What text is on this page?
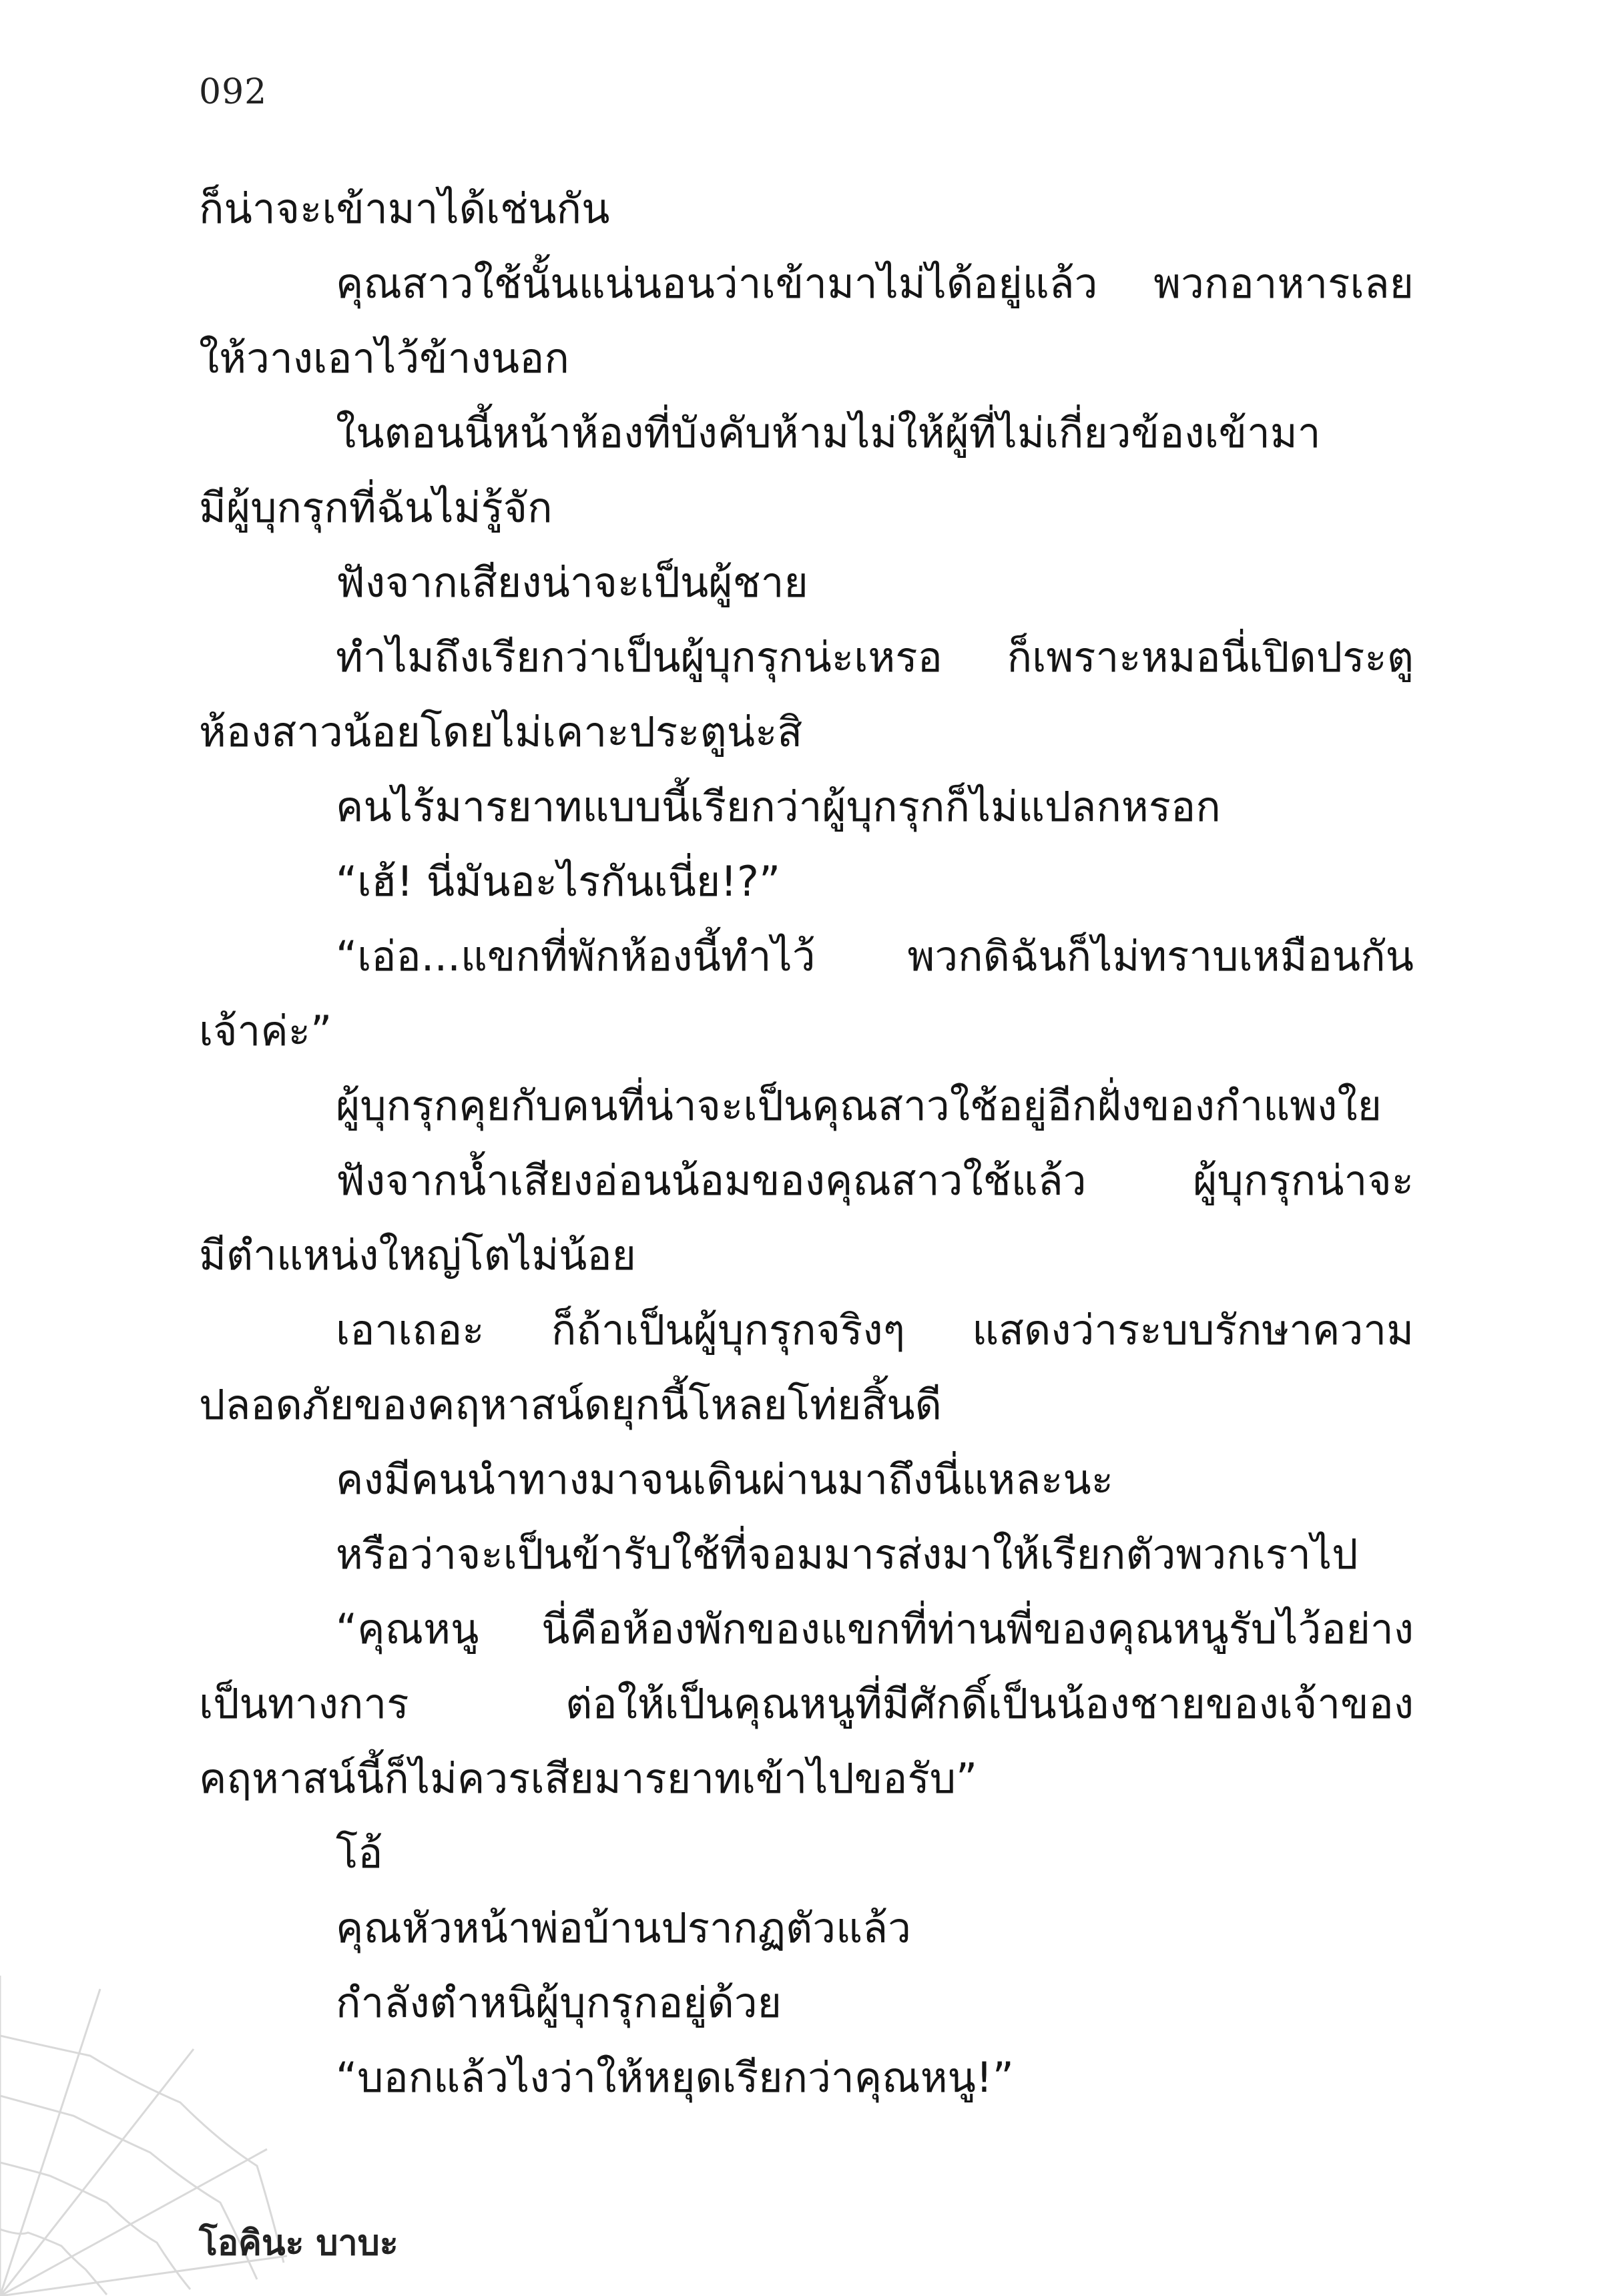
092
ก็น่าจะเข้ามาได้เช่นกัน
คุณสาวใช้นั้นแน่นอนว่าเข้ามาไม่ได้อยู่แล้ว พวกอาหารเลย
ให้วางเอาไว้ข้างนอก
ในตอนนี้หน้าห้องที่บังคับห้ามไม่ให้ผู้ที่ไม่เกี่ยวข้องเข้ามา
มีผู้บุกรุกที่ฉันไม่รู้จัก
ฟังจากเสียงน่าจะเป็นผู้ชาย
ทำไมถึงเรียกว่าเป็นผู้บุกรุกน่ะเหรอ ก็เพราะหมอนี่เปิดประตู
ห้องสาวน้อยโดยไม่เคาะประตูน่ะสิ
คนไร้มารยาทแบบนี้เรียกว่าผู้บุกรุกก็ไม่แปลกหรอก
“เฮ้! นี่มันอะไรกันเนี่ย!?”
“เอ่อ...แขกที่พักห้องนี้ทำไว้ พวกดิฉันก็ไม่ทราบเหมือนกัน
เจ้าค่ะ”
ผู้บุกรุกคุยกับคนที่น่าจะเป็นคุณสาวใช้อยู่อีกฝั่งของกำแพงใย
ฟังจากน้ำเสียงอ่อนน้อมของคุณสาวใช้แล้ว ผู้บุกรุกน่าจะ
มีตำแหน่งใหญ่โตไม่น้อย
เอาเถอะ ก็ถ้าเป็นผู้บุกรุกจริงๆ แสดงว่าระบบรักษาความ
ปลอดภัยของคฤหาสน์ดยุกนี้โหลยโท่ยสิ้นดี
คงมีคนนำทางมาจนเดินผ่านมาถึงนี่แหละนะ
หรือว่าจะเป็นข้ารับใช้ที่จอมมารส่งมาให้เรียกตัวพวกเราไป
“คุณหนู นี่คือห้องพักของแขกที่ท่านพี่ของคุณหนูรับไว้อย่าง
เป็นทางการ ต่อให้เป็นคุณหนูที่มีศักดิ์เป็นน้องชายของเจ้าของ
คฤหาสน์นี้ก็ไม่ควรเสียมารยาทเข้าไปขอรับ”
โอ้
คุณหัวหน้าพ่อบ้านปรากฏตัวแล้ว
กำลังตำหนิผู้บุกรุกอยู่ด้วย
“บอกแล้วไงว่าให้หยุดเรียกว่าคุณหนู!”
โอคินะ บาบะ
